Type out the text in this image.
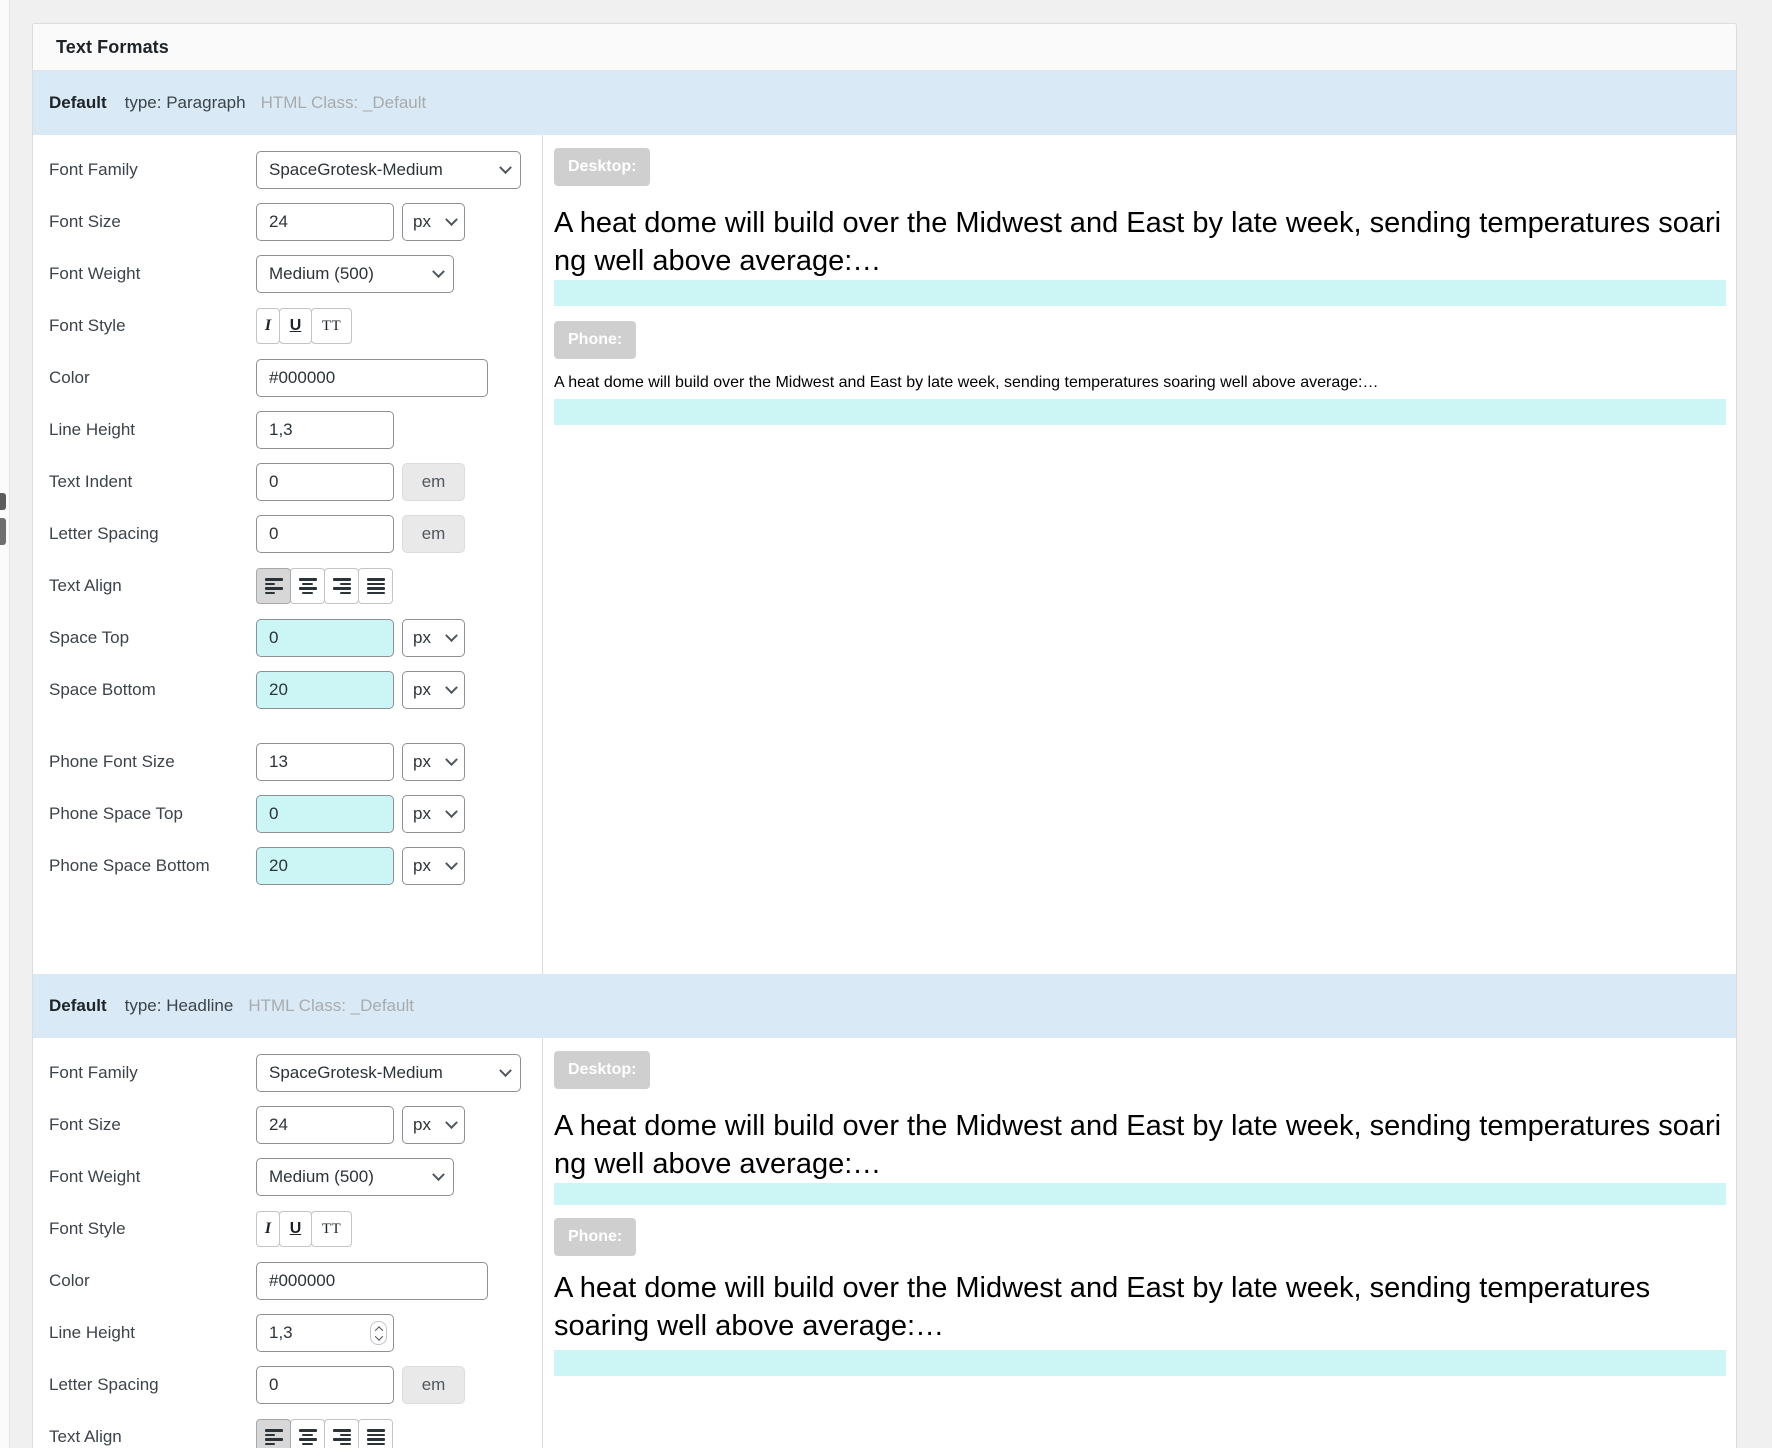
Text Formats
Default type: Paragraph HTML Class: _Default
Font Family	SpaceGrotesk-Medium
Font Size
24	px
Font Weight	Medium (500)
Font Style	I	U	TT
Color
#000000
Line Height
1,3
Text Indent
0	em
Letter Spacing
0	em
Text Align
Space Top
0	px
Space Bottom
20	px
Phone Font Size
13	px
Phone Space Top
0	px
Phone Space Bottom
20	px
Desktop:
A heat dome will build over the Midwest and East by late week, sending temperatures soaring well above average:…
Phone:
A heat dome will build over the Midwest and East by late week, sending temperatures soaring well above average:…
Default type: Headline HTML Class: _Default
Font Family	SpaceGrotesk-Medium
Font Size
24	px
Font Weight	Medium (500)
Font Style	I	U	TT
Color
#000000
Line Height
1,3
Letter Spacing
0	em
Text Align
Desktop:
A heat dome will build over the Midwest and East by late week, sending temperatures soaring well above average:…
Phone:
A heat dome will build over the Midwest and East by late week, sending temperatures soaring well above average:…
